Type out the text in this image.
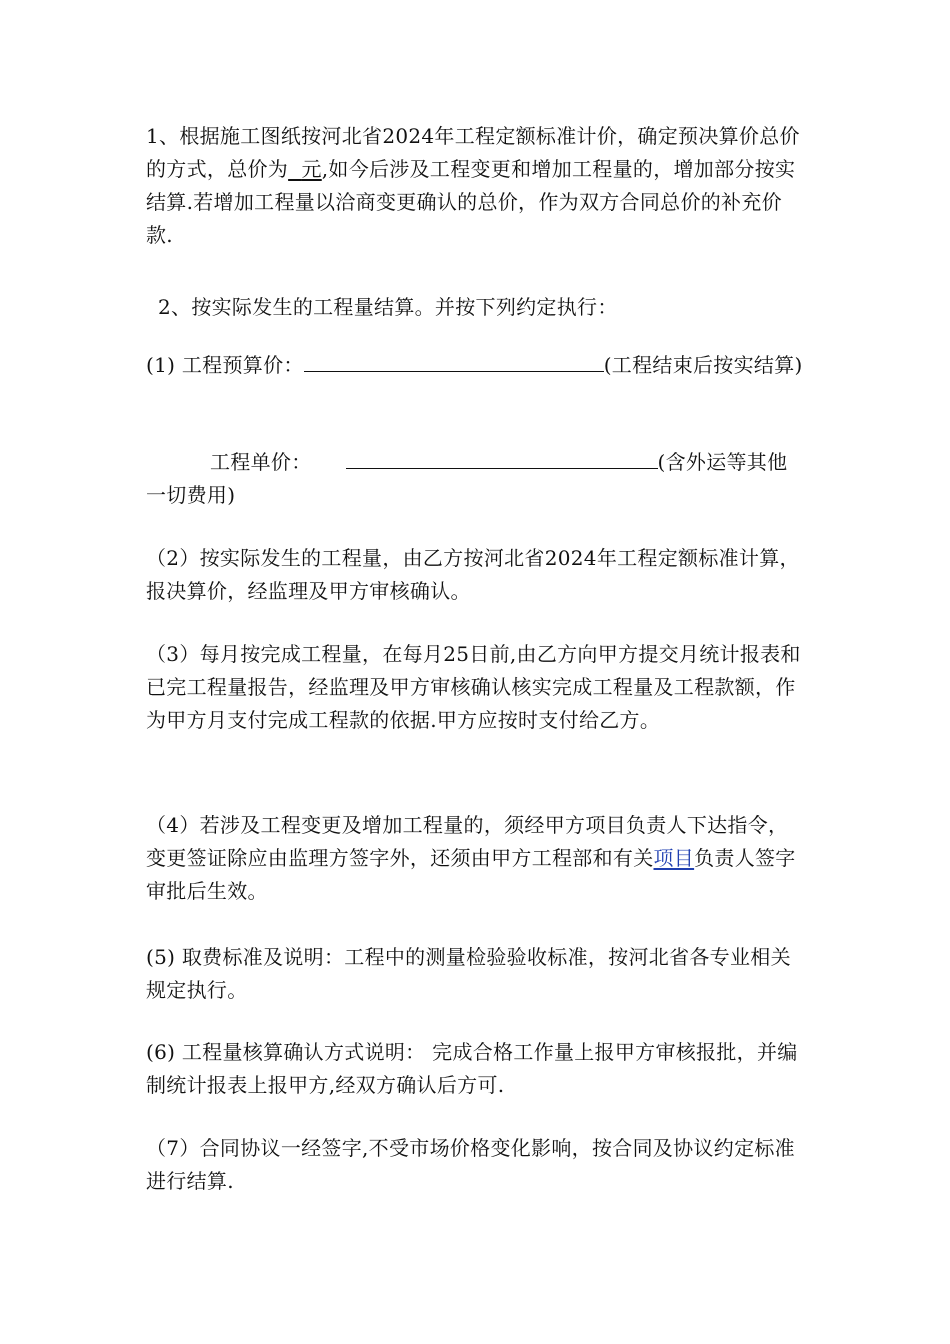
1、根据施工图纸按河北省2024年工程定额标准计价，确定预决算价总价的方式，总价为 元,如今后涉及工程变更和增加工程量的，增加部分按实结算.若增加工程量以洽商变更确认的总价，作为双方合同总价的补充价款.

2、按实际发生的工程量结算。并按下列约定执行：

(1) 工程预算价：	(工程结束后按实结算)

工程单价：	(含外运等其他一切费用)

（2）按实际发生的工程量，由乙方按河北省2024年工程定额标准计算，报决算价，经监理及甲方审核确认。

（3）每月按完成工程量，在每月25日前,由乙方向甲方提交月统计报表和已完工程量报告，经监理及甲方审核确认核实完成工程量及工程款额，作为甲方月支付完成工程款的依据.甲方应按时支付给乙方。

（4）若涉及工程变更及增加工程量的，须经甲方项目负责人下达指令，变更签证除应由监理方签字外，还须由甲方工程部和有关项目负责人签字审批后生效。

(5) 取费标准及说明：工程中的测量检验验收标准，按河北省各专业相关规定执行。

(6) 工程量核算确认方式说明： 完成合格工作量上报甲方审核报批，并编制统计报表上报甲方,经双方确认后方可.

（7）合同协议一经签字,不受市场价格变化影响，按合同及协议约定标准进行结算.
